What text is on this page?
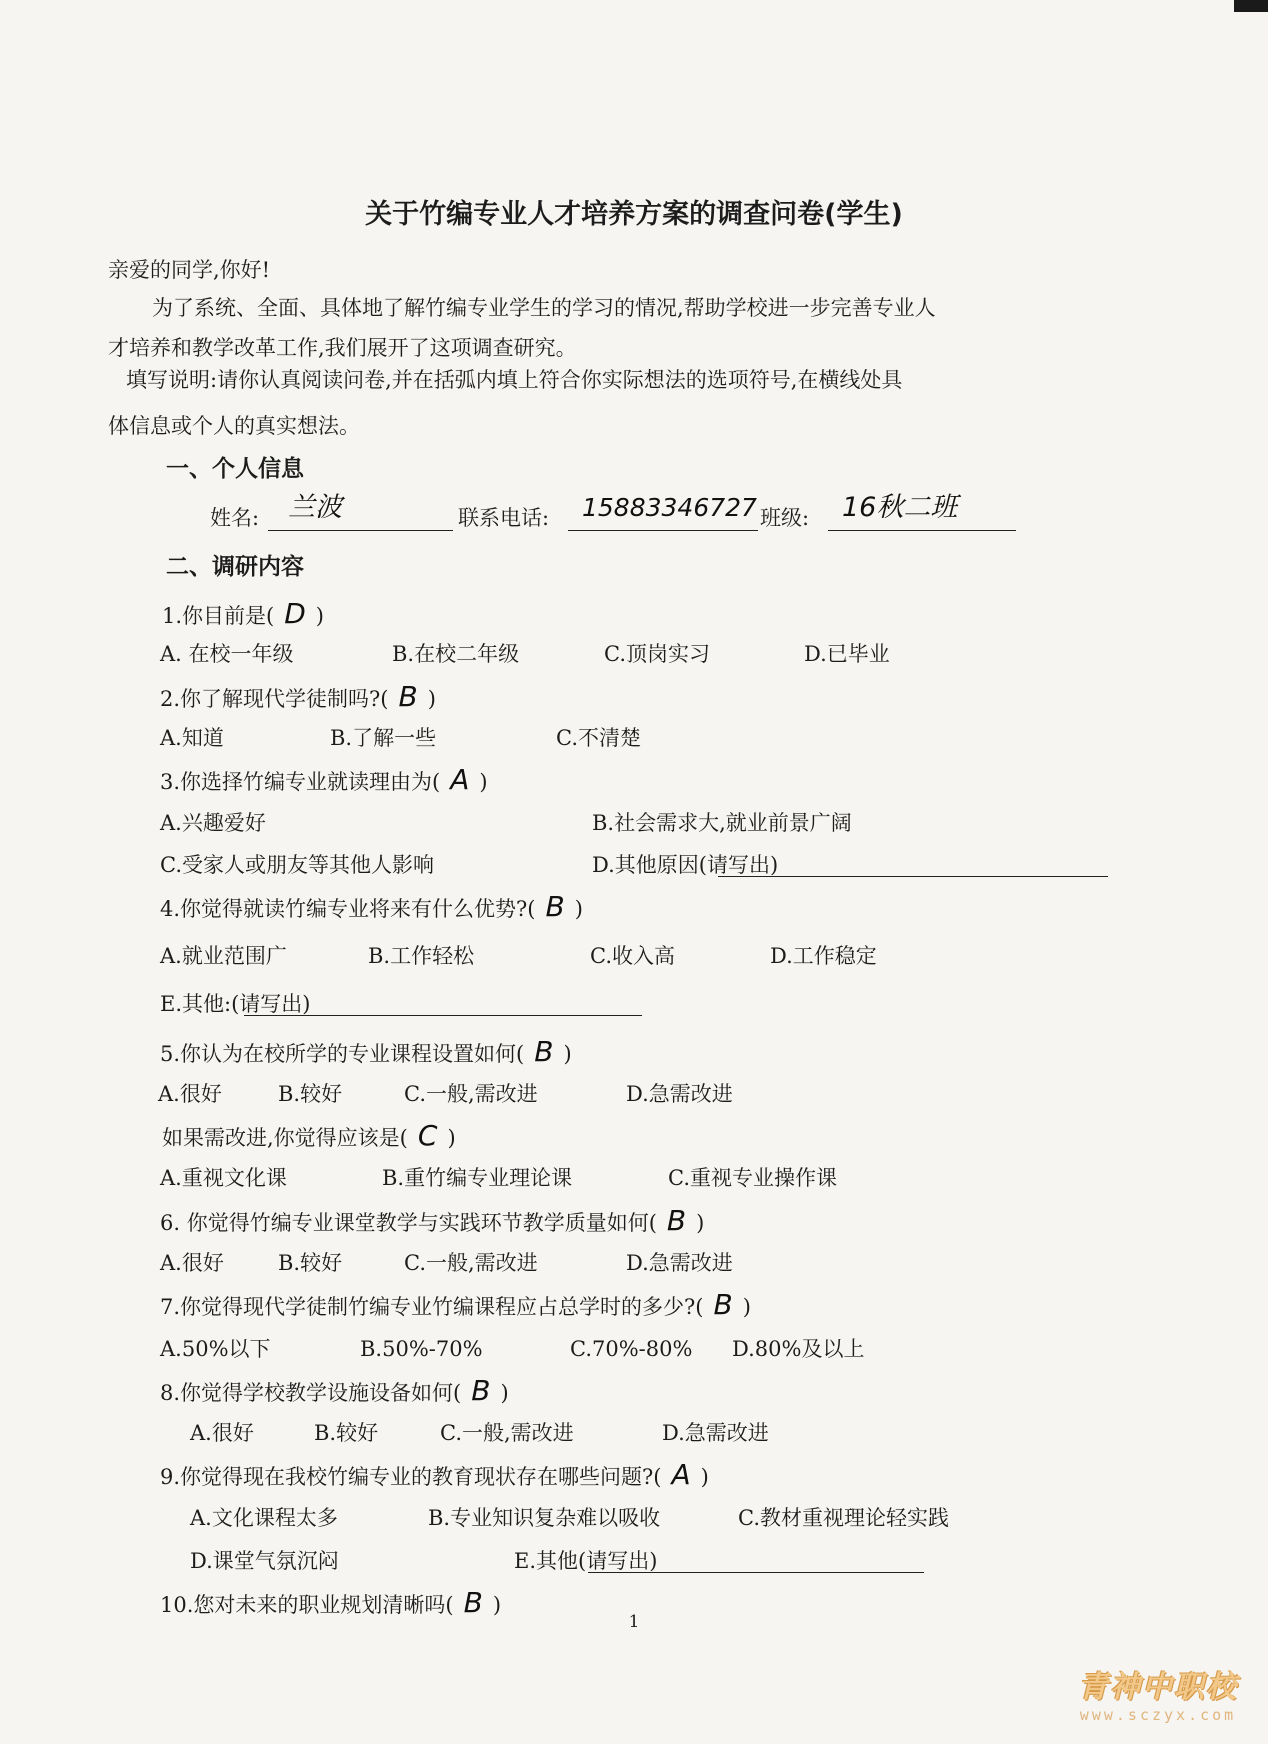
关于竹编专业人才培养方案的调查问卷(学生)
亲爱的同学,你好!
为了系统、全面、具体地了解竹编专业学生的学习的情况,帮助学校进一步完善专业人
才培养和教学改革工作,我们展开了这项调查研究。
填写说明:请你认真阅读问卷,并在括弧内填上符合你实际想法的选项符号,在横线处具
体信息或个人的真实想法。
一、个人信息
姓名: 兰波	联系电话: 15883346727 班级: 16秋二班
二、调研内容
1.你目前是( D )
A. 在校一年级	B.在校二年级	C.顶岗实习	D.已毕业
2.你了解现代学徒制吗?( B )
A.知道	B.了解一些	C.不清楚
3.你选择竹编专业就读理由为( A )
A.兴趣爱好	B.社会需求大,就业前景广阔
C.受家人或朋友等其他人影响	D.其他原因(请写出)
4.你觉得就读竹编专业将来有什么优势?( B )
A.就业范围广	B.工作轻松	C.收入高	D.工作稳定
E.其他:(请写出)
5.你认为在校所学的专业课程设置如何( B )
A.很好	B.较好	C.一般,需改进	D.急需改进
如果需改进,你觉得应该是( C )
A.重视文化课	B.重竹编专业理论课	C.重视专业操作课
6. 你觉得竹编专业课堂教学与实践环节教学质量如何( B )
A.很好	B.较好	C.一般,需改进	D.急需改进
7.你觉得现代学徒制竹编专业竹编课程应占总学时的多少?( B )
A.50%以下	B.50%-70%	C.70%-80% D.80%及以上
8.你觉得学校教学设施设备如何( B )
A.很好	B.较好	C.一般,需改进	D.急需改进
9.你觉得现在我校竹编专业的教育现状存在哪些问题?( A )
A.文化课程太多	B.专业知识复杂难以吸收	C.教材重视理论轻实践
D.课堂气氛沉闷	E.其他(请写出)
10.您对未来的职业规划清晰吗( B )
1
青神中职校
www.sczyx.com
